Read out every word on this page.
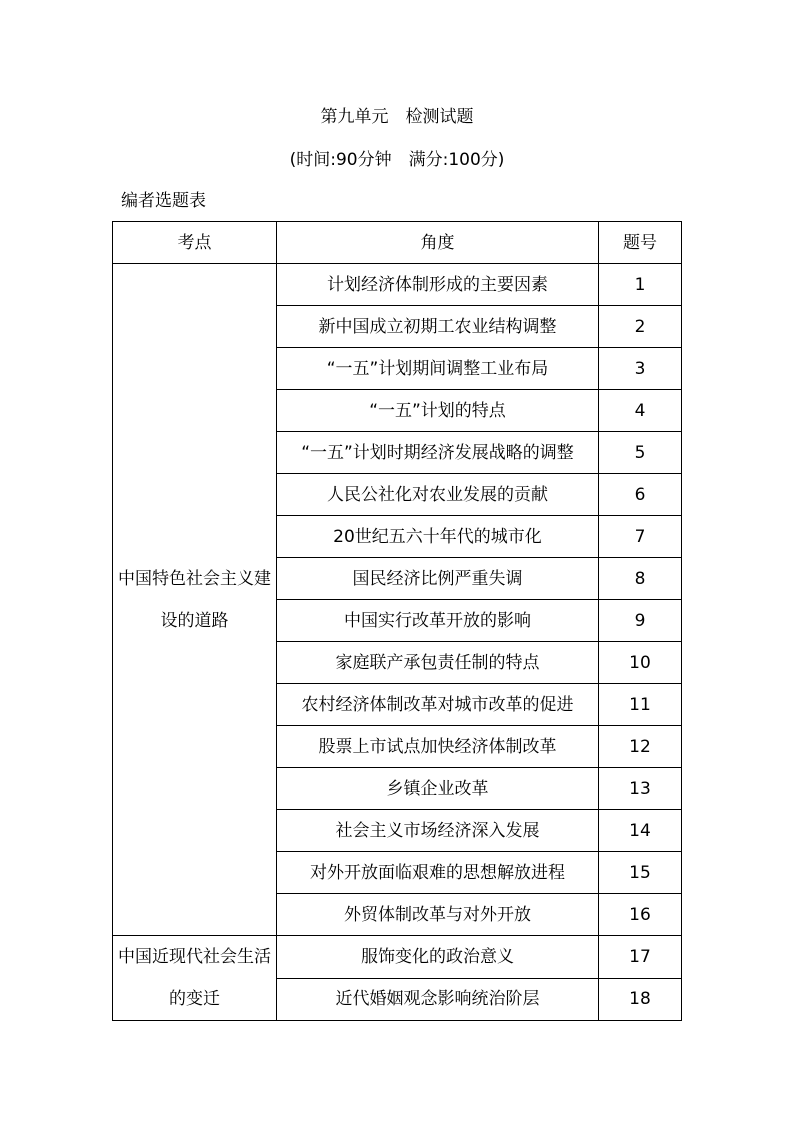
第九单元　检测试题
(时间:90分钟　满分:100分)
编者选题表
考点	角度	题号
中国特色社会主义建设的道路	计划经济体制形成的主要因素	1
	新中国成立初期工农业结构调整	2
	“一五”计划期间调整工业布局	3
	“一五”计划的特点	4
	“一五”计划时期经济发展战略的调整	5
	人民公社化对农业发展的贡献	6
	20世纪五六十年代的城市化	7
	国民经济比例严重失调	8
	中国实行改革开放的影响	9
	家庭联产承包责任制的特点	10
	农村经济体制改革对城市改革的促进	11
	股票上市试点加快经济体制改革	12
	乡镇企业改革	13
	社会主义市场经济深入发展	14
	对外开放面临艰难的思想解放进程	15
	外贸体制改革与对外开放	16
中国近现代社会生活的变迁	服饰变化的政治意义	17
	近代婚姻观念影响统治阶层	18
